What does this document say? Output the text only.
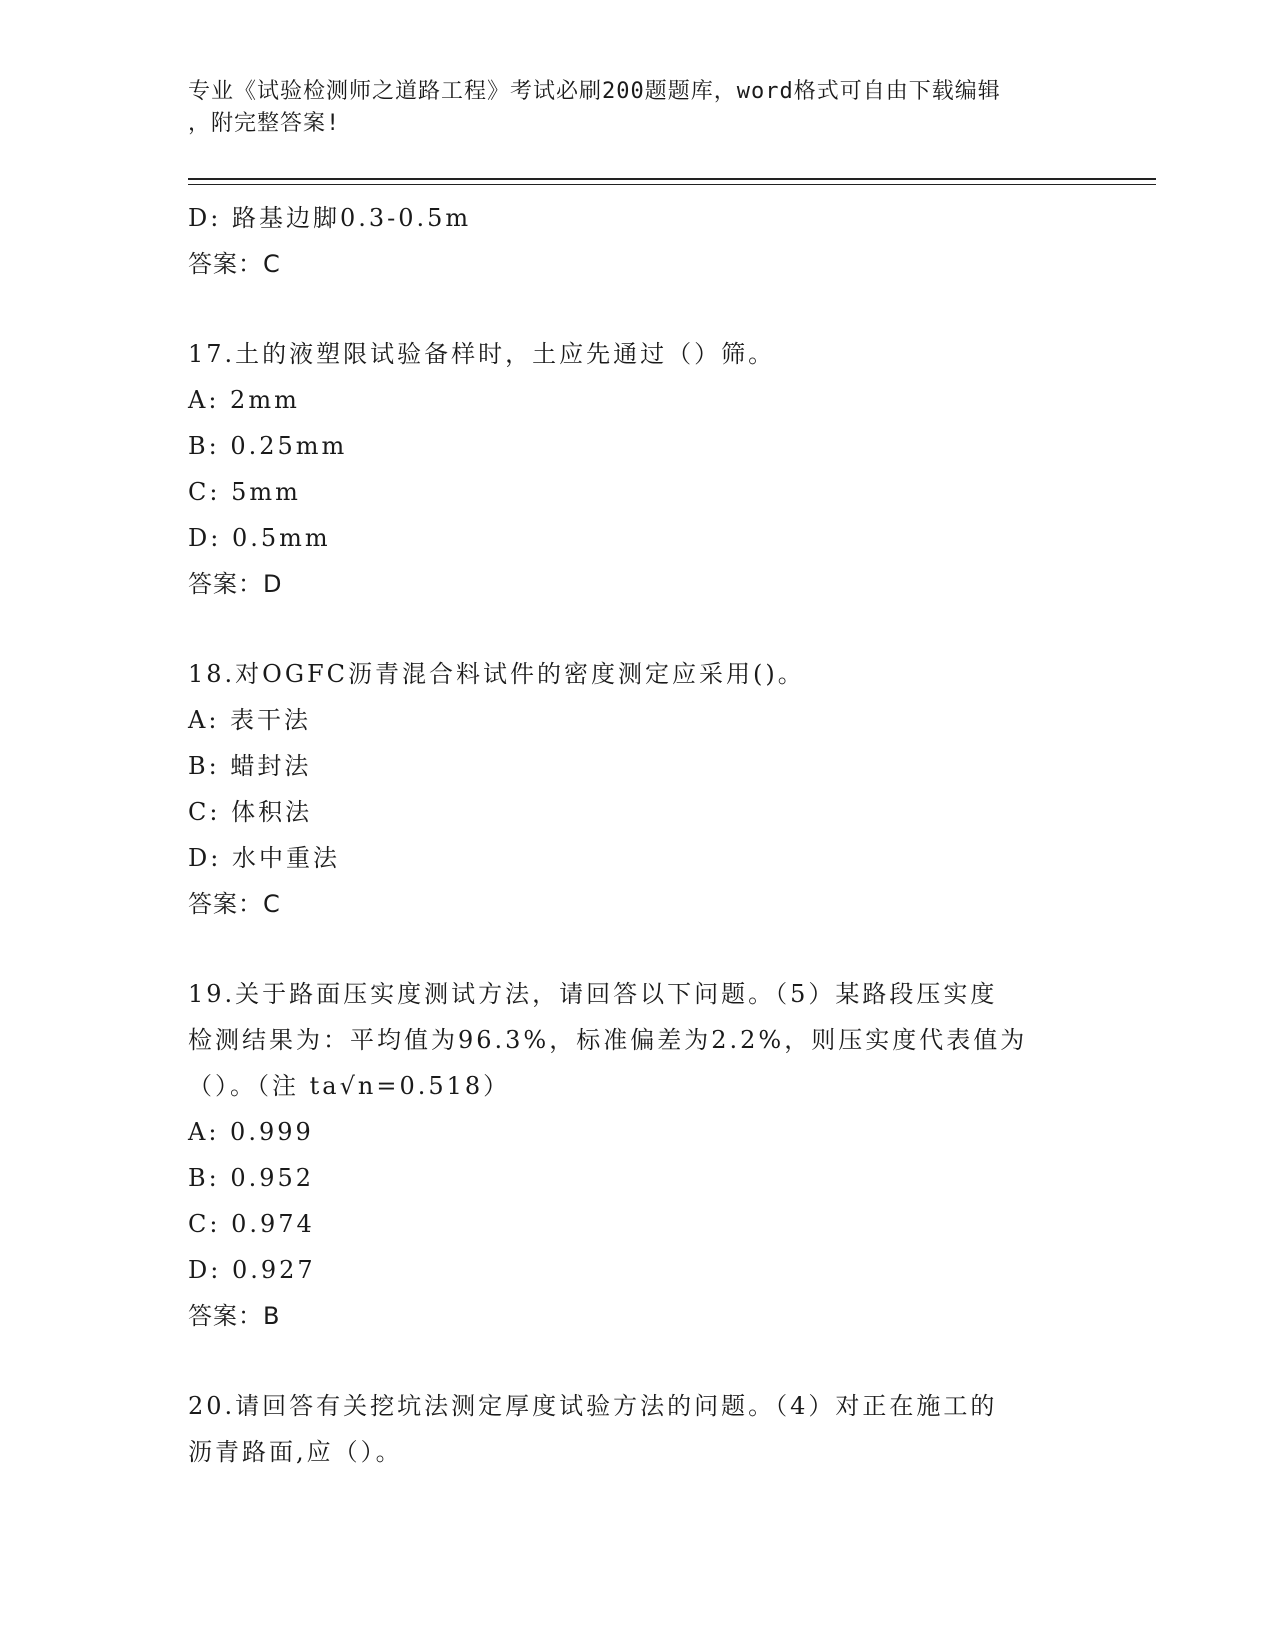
专业《试验检测师之道路工程》考试必刷200题题库，word格式可自由下载编辑
，附完整答案!
D: 路基边脚0.3-0.5m
答案：C
17.土的液塑限试验备样时，土应先通过（）筛。
A: 2mm
B: 0.25mm
C: 5mm
D: 0.5mm
答案：D
18.对OGFC沥青混合料试件的密度测定应采用()。
A: 表干法
B: 蜡封法
C: 体积法
D: 水中重法
答案：C
19.关于路面压实度测试方法，请回答以下问题。（5）某路段压实度
检测结果为：平均值为96.3%，标准偏差为2.2%，则压实度代表值为
（）。（注 ta√n=0.518）
A: 0.999
B: 0.952
C: 0.974
D: 0.927
答案：B
20.请回答有关挖坑法测定厚度试验方法的问题。（4）对正在施工的
沥青路面,应（）。
